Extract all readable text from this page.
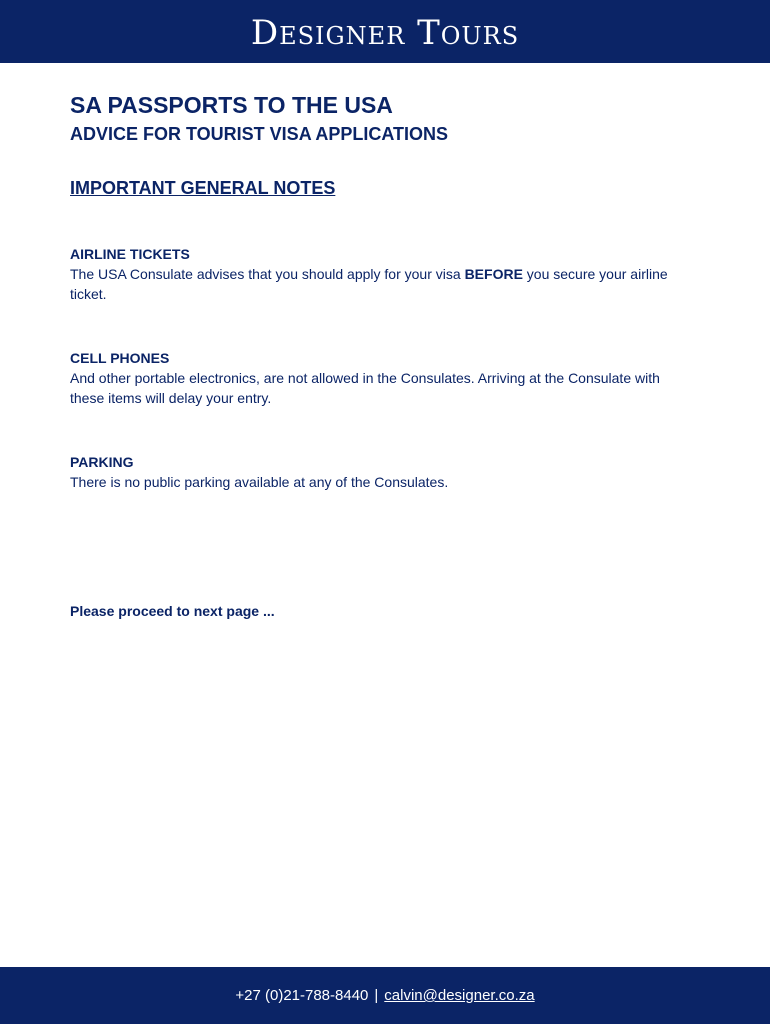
Designer Tours
SA PASSPORTS TO THE USA
ADVICE FOR TOURIST VISA APPLICATIONS
IMPORTANT GENERAL NOTES
AIRLINE TICKETS
The USA Consulate advises that you should apply for your visa BEFORE you secure your airline ticket.
CELL PHONES
And other portable electronics, are not allowed in the Consulates. Arriving at the Consulate with these items will delay your entry.
PARKING
There is no public parking available at any of the Consulates.
Please proceed to next page ...
+27 (0)21-788-8440 | calvin@designer.co.za
